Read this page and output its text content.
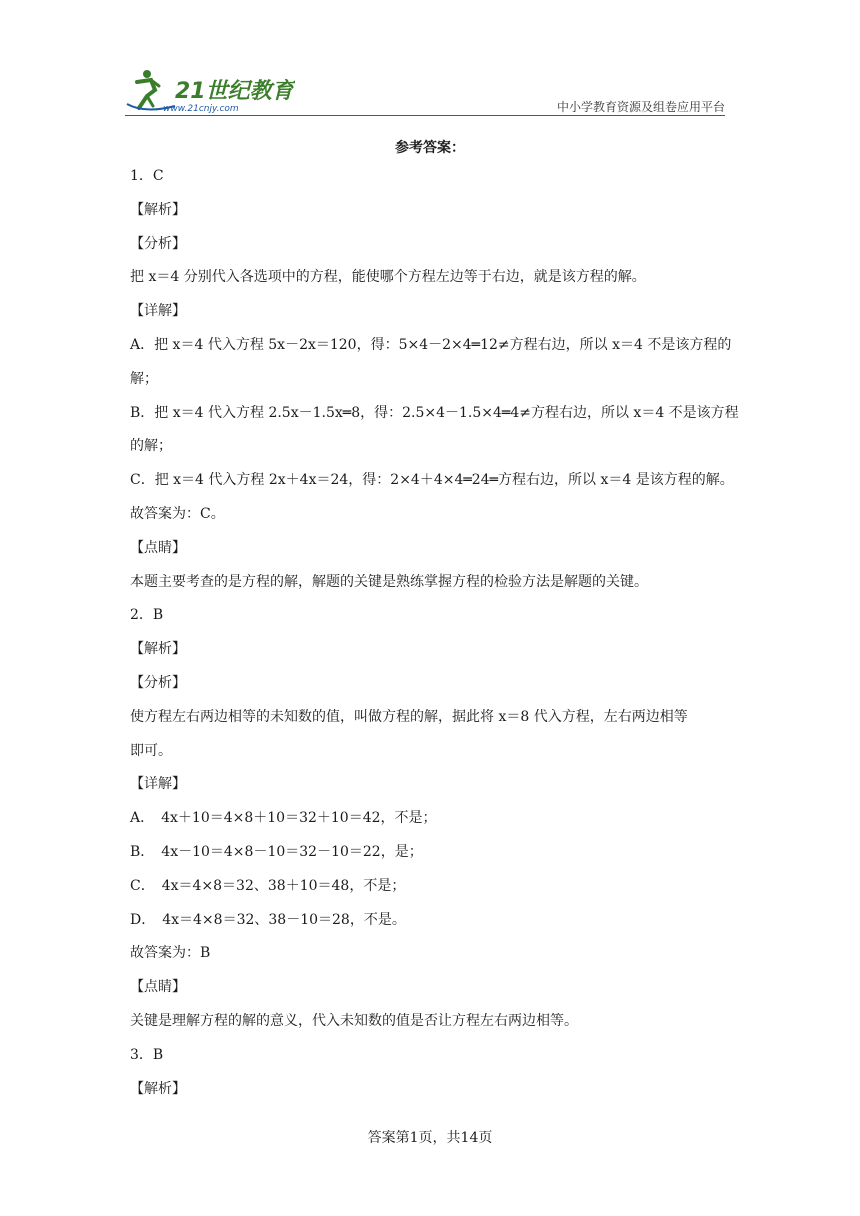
21世纪教育
www.21cnjy.com	中小学教育资源及组卷应用平台
参考答案：
1．C
【解析】
【分析】
把 x＝4 分别代入各选项中的方程，能使哪个方程左边等于右边，就是该方程的解。
【详解】
A．把 x＝4 代入方程 5x－2x＝120，得：5×4－2×4═12≠方程右边，所以 x＝4 不是该方程的
解；
B．把 x＝4 代入方程 2.5x－1.5x═8，得：2.5×4－1.5×4═4≠方程右边，所以 x＝4 不是该方程
的解；
C．把 x＝4 代入方程 2x＋4x＝24，得：2×4＋4×4═24═方程右边，所以 x＝4 是该方程的解。
故答案为：C。
【点睛】
本题主要考查的是方程的解，解题的关键是熟练掌握方程的检验方法是解题的关键。
2．B
【解析】
【分析】
使方程左右两边相等的未知数的值，叫做方程的解，据此将 x＝8 代入方程，左右两边相等
即可。
【详解】
A．　4x＋10＝4×8＋10＝32＋10＝42，不是；
B．　4x－10＝4×8－10＝32－10＝22，是；
C．　4x＝4×8＝32、38＋10＝48，不是；
D．　4x＝4×8＝32、38－10＝28，不是。
故答案为：B
【点睛】
关键是理解方程的解的意义，代入未知数的值是否让方程左右两边相等。
3．B
【解析】
答案第1页，共14页
